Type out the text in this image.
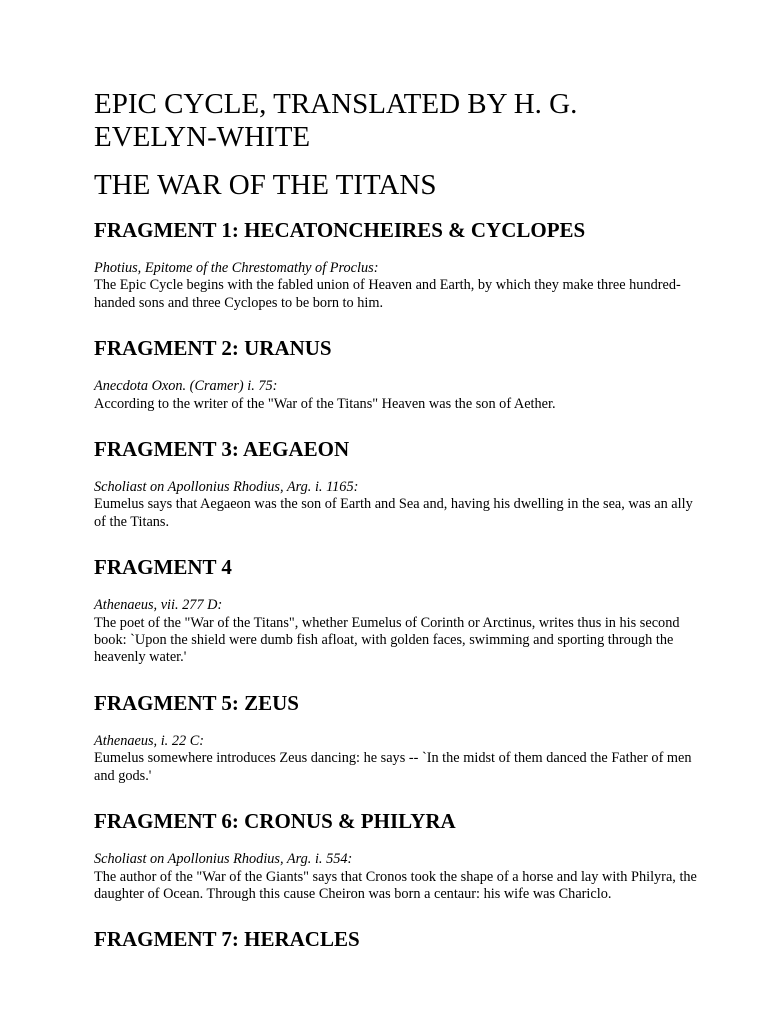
EPIC CYCLE, TRANSLATED BY H. G. EVELYN-WHITE
THE WAR OF THE TITANS
FRAGMENT 1: HECATONCHEIRES & CYCLOPES

Photius, Epitome of the Chrestomathy of Proclus:

The Epic Cycle begins with the fabled union of Heaven and Earth, by which they make three hundred-handed sons and three Cyclopes to be born to him.

FRAGMENT 2: URANUS

Anecdota Oxon. (Cramer) i. 75:

According to the writer of the "War of the Titans" Heaven was the son of Aether.

FRAGMENT 3: AEGAEON

Scholiast on Apollonius Rhodius, Arg. i. 1165:

Eumelus says that Aegaeon was the son of Earth and Sea and, having his dwelling in the sea, was an ally of the Titans.

FRAGMENT 4

Athenaeus, vii. 277 D:

The poet of the "War of the Titans", whether Eumelus of Corinth or Arctinus, writes thus in his second book: `Upon the shield were dumb fish afloat, with golden faces, swimming and sporting through the heavenly water.'

FRAGMENT 5: ZEUS

Athenaeus, i. 22 C:

Eumelus somewhere introduces Zeus dancing: he says -- `In the midst of them danced the Father of men and gods.'

FRAGMENT 6: CRONUS & PHILYRA

Scholiast on Apollonius Rhodius, Arg. i. 554:

The author of the "War of the Giants" says that Cronos took the shape of a horse and lay with Philyra, the daughter of Ocean. Through this cause Cheiron was born a centaur: his wife was Chariclo.

FRAGMENT 7: HERACLES
